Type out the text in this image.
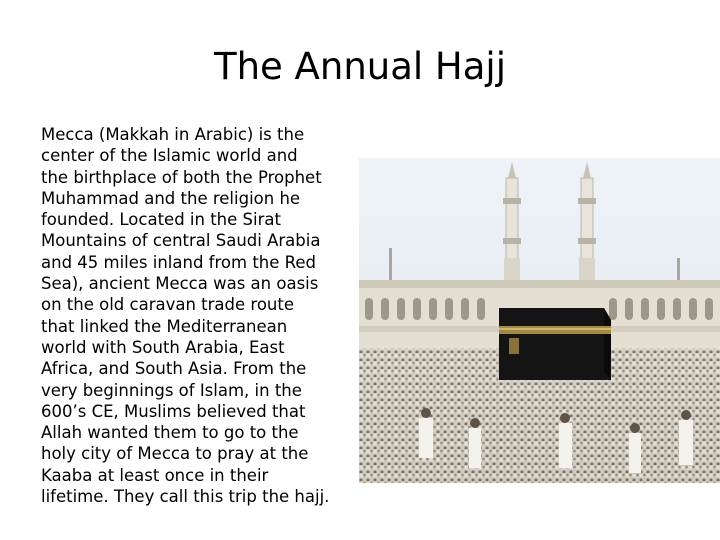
The Annual Hajj
Mecca (Makkah in Arabic) is the
center of the Islamic world and
the birthplace of both the Prophet
Muhammad and the religion he
founded. Located in the Sirat
Mountains of central Saudi Arabia
and 45 miles inland from the Red
Sea), ancient Mecca was an oasis
on the old caravan trade route
that linked the Mediterranean
world with South Arabia, East
Africa, and South Asia. From the
very beginnings of Islam, in the
600’s CE, Muslims believed that
Allah wanted them to go to the
holy city of Mecca to pray at the
Kaaba at least once in their
lifetime. They call this trip the hajj.
